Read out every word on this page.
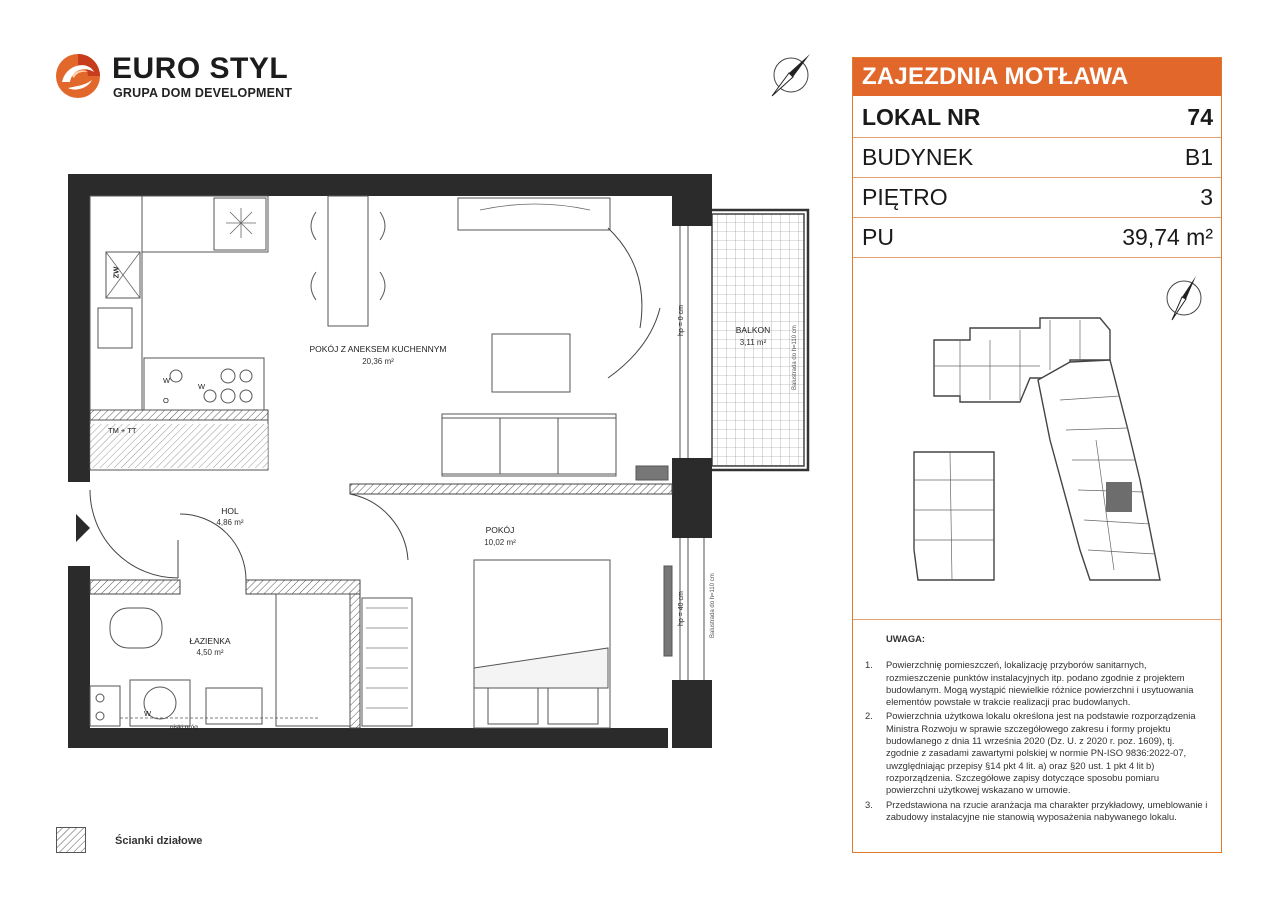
EURO STYL
GRUPA DOM DEVELOPMENT
ZAJEZDNIA MOTŁAWA
LOKAL NR	74
BUDYNEK	B1
PIĘTRO	3
PU	39,74 m²
UWAGA:
1. Powierzchnię pomieszczeń, lokalizację przyborów sanitarnych, rozmieszczenie punktów instalacyjnych itp. podano zgodnie z projektem budowlanym. Mogą wystąpić niewielkie różnice powierzchni i usytuowania elementów powstałe w trakcie realizacji prac budowlanych.
2. Powierzchnia użytkowa lokalu określona jest na podstawie rozporządzenia Ministra Rozwoju w sprawie szczegółowego zakresu i formy projektu budowlanego z dnia 11 września 2020 (Dz. U. z 2020 r. poz. 1609), tj. zgodnie z zasadami zawartymi polskiej w normie PN-ISO 9836:2022-07, uwzględniając przepisy §14 pkt 4 lit. a) oraz §20 ust. 1 pkt 4 lit b) rozporządzenia. Szczegółowe zapisy dotyczące sposobu pomiaru powierzchni użytkowej wskazano w umowie.
3. Przedstawiona na rzucie aranżacja ma charakter przykładowy, umeblowanie i zabudowy instalacyjne nie stanowią wyposażenia nabywanego lokalu.
POKÓJ Z ANEKSEM KUCHENNYM
20,36 m²
BALKON
3,11 m²
HOL
4,86 m²
POKÓJ
10,02 m²
ŁAZIENKA
4,50 m²
ZW
W
O
W
TM + TT
W
niski próg
hp = 0 cm
hp = 40 cm
Balustrada do h=110 cm
Balustrada do h=110 cm
Ścianki działowe
